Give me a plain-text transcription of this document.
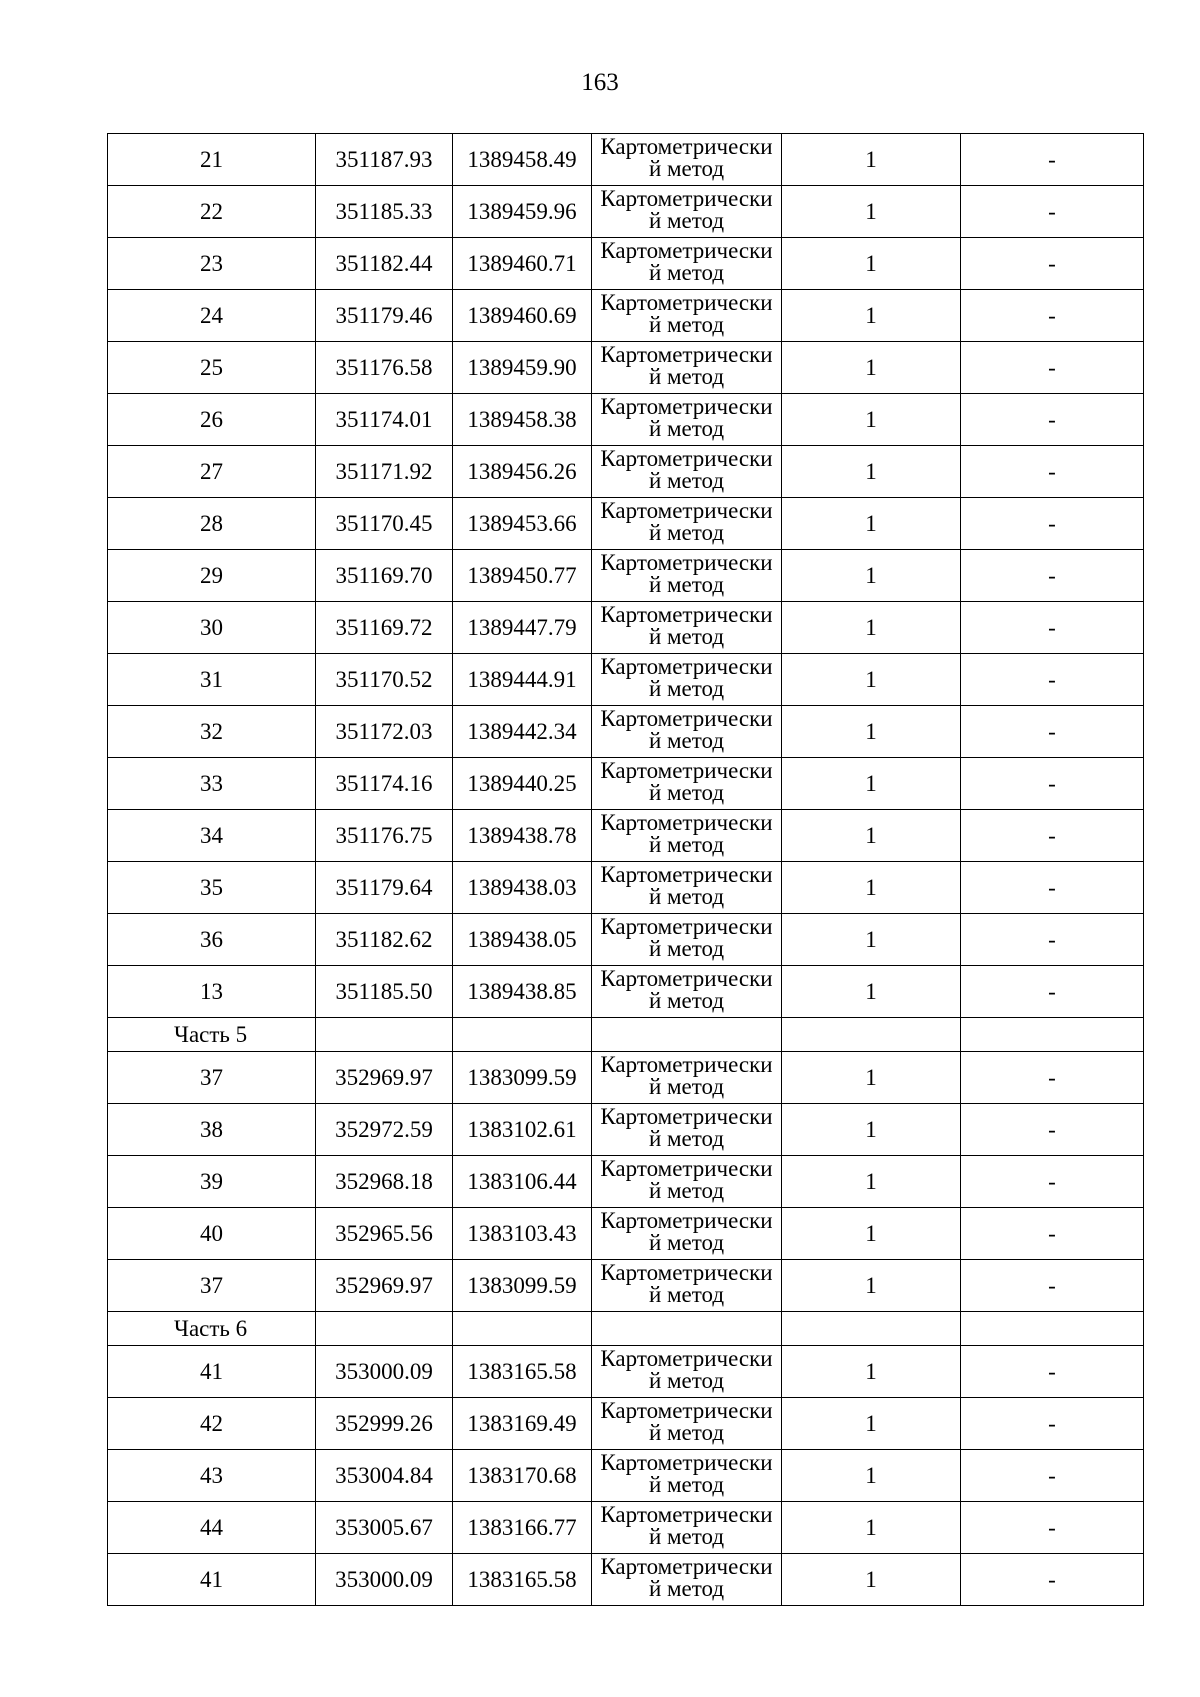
163
21	351187.93	1389458.49	Картометрически
й метод	1	-
22	351185.33	1389459.96	Картометрически
й метод	1	-
23	351182.44	1389460.71	Картометрически
й метод	1	-
24	351179.46	1389460.69	Картометрически
й метод	1	-
25	351176.58	1389459.90	Картометрически
й метод	1	-
26	351174.01	1389458.38	Картометрически
й метод	1	-
27	351171.92	1389456.26	Картометрически
й метод	1	-
28	351170.45	1389453.66	Картометрически
й метод	1	-
29	351169.70	1389450.77	Картометрически
й метод	1	-
30	351169.72	1389447.79	Картометрически
й метод	1	-
31	351170.52	1389444.91	Картометрически
й метод	1	-
32	351172.03	1389442.34	Картометрически
й метод	1	-
33	351174.16	1389440.25	Картометрически
й метод	1	-
34	351176.75	1389438.78	Картометрически
й метод	1	-
35	351179.64	1389438.03	Картометрически
й метод	1	-
36	351182.62	1389438.05	Картометрически
й метод	1	-
13	351185.50	1389438.85	Картометрически
й метод	1	-
Часть 5					
37	352969.97	1383099.59	Картометрически
й метод	1	-
38	352972.59	1383102.61	Картометрически
й метод	1	-
39	352968.18	1383106.44	Картометрически
й метод	1	-
40	352965.56	1383103.43	Картометрически
й метод	1	-
37	352969.97	1383099.59	Картометрически
й метод	1	-
Часть 6					
41	353000.09	1383165.58	Картометрически
й метод	1	-
42	352999.26	1383169.49	Картометрически
й метод	1	-
43	353004.84	1383170.68	Картометрически
й метод	1	-
44	353005.67	1383166.77	Картометрически
й метод	1	-
41	353000.09	1383165.58	Картометрически
й метод	1	-
